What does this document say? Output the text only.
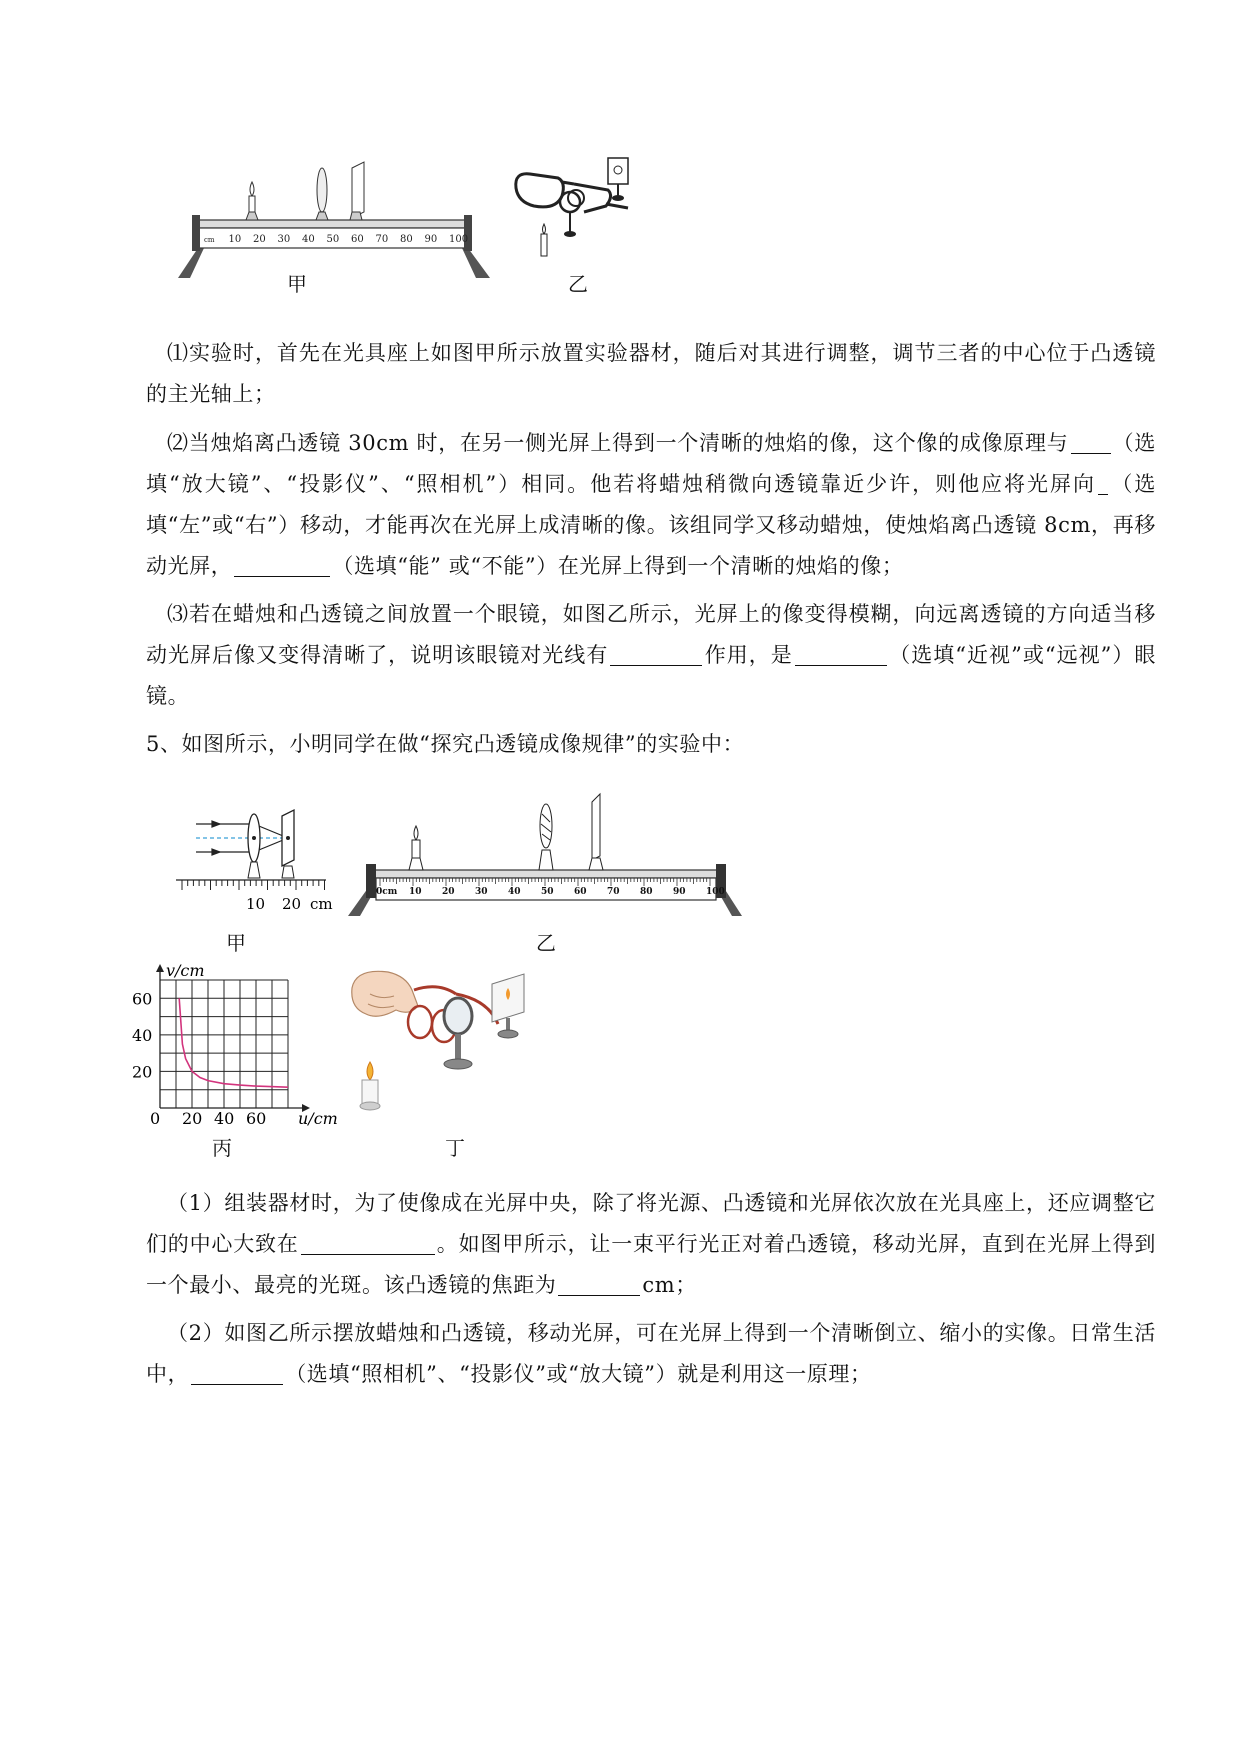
cm 10 20 30 40 50 60 70 80 90 100
甲	乙
⑴实验时，首先在光具座上如图甲所示放置实验器材，随后对其进行调整，调节三者的中心位于凸透镜的主光轴上；
⑵当烛焰离凸透镜 30cm 时，在另一侧光屏上得到一个清晰的烛焰的像，这个像的成像原理与 （选填“放大镜”、“投影仪”、“照相机”）相同。他若将蜡烛稍微向透镜靠近少许，则他应将光屏向 （选填“左”或“右”）移动，才能再次在光屏上成清晰的像。该组同学又移动蜡烛，使烛焰离凸透镜 8cm，再移动光屏，	（选填“能” 或“不能”）在光屏上得到一个清晰的烛焰的像；
⑶若在蜡烛和凸透镜之间放置一个眼镜，如图乙所示，光屏上的像变得模糊，向远离透镜的方向适当移动光屏后像又变得清晰了，说明该眼镜对光线有	作用，是	（选填“近视”或“远视”）眼镜。
5、如图所示，小明同学在做“探究凸透镜成像规律”的实验中：
10 20 cm
甲
0cm 10 20 30 40 50 60 70 80 90 100
乙
v/cm
u/cm
60
40
20
0 20 40 60
丙	丁
（1）组装器材时，为了使像成在光屏中央，除了将光源、凸透镜和光屏依次放在光具座上，还应调整它们的中心大致在	。如图甲所示，让一束平行光正对着凸透镜，移动光屏，直到在光屏上得到一个最小、最亮的光斑。该凸透镜的焦距为	cm；
（2）如图乙所示摆放蜡烛和凸透镜，移动光屏，可在光屏上得到一个清晰倒立、缩小的实像。日常生活中，	（选填“照相机”、“投影仪”或“放大镜”）就是利用这一原理；
